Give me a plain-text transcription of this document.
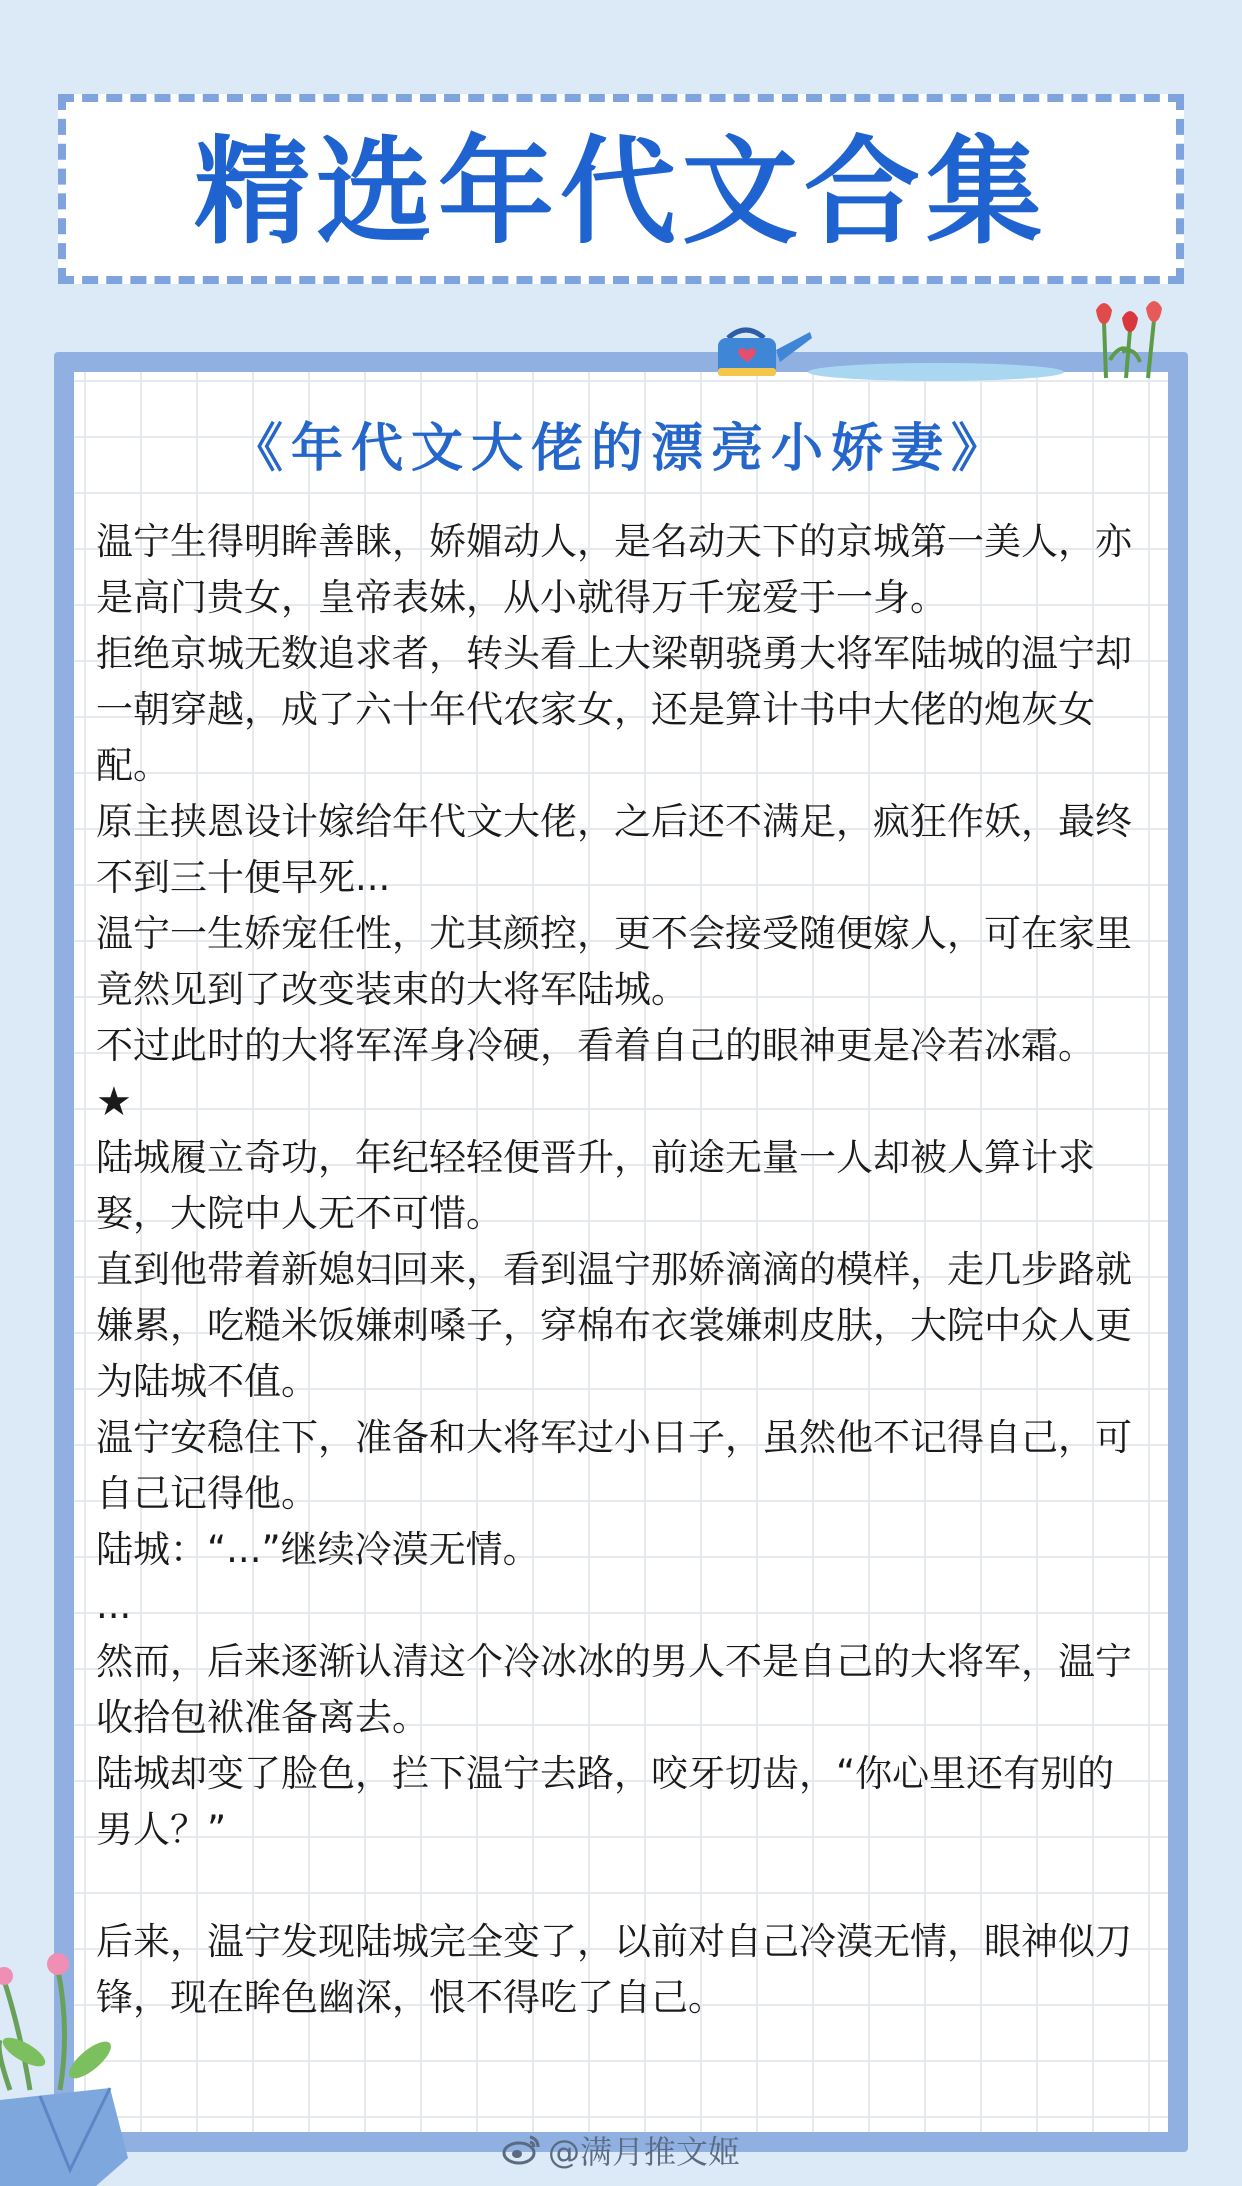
精选年代文合集
《年代文大佬的漂亮小娇妻》

温宁生得明眸善睐，娇媚动人，是名动天下的京城第一美人，亦是高门贵女，皇帝表妹，从小就得万千宠爱于一身。

拒绝京城无数追求者，转头看上大梁朝骁勇大将军陆城的温宁却一朝穿越，成了六十年代农家女，还是算计书中大佬的炮灰女配。

原主挟恩设计嫁给年代文大佬，之后还不满足，疯狂作妖，最终不到三十便早死...

温宁一生娇宠任性，尤其颜控，更不会接受随便嫁人，可在家里竟然见到了改变装束的大将军陆城。

不过此时的大将军浑身冷硬，看着自己的眼神更是冷若冰霜。

★

陆城履立奇功，年纪轻轻便晋升，前途无量一人却被人算计求娶，大院中人无不可惜。

直到他带着新媳妇回来，看到温宁那娇滴滴的模样，走几步路就嫌累，吃糙米饭嫌刺嗓子，穿棉布衣裳嫌刺皮肤，大院中众人更为陆城不值。

温宁安稳住下，准备和大将军过小日子，虽然他不记得自己，可自己记得他。

陆城：“...”继续冷漠无情。

...

然而，后来逐渐认清这个冷冰冰的男人不是自己的大将军，温宁收拾包袱准备离去。

陆城却变了脸色，拦下温宁去路，咬牙切齿，“你心里还有别的男人？”

后来，温宁发现陆城完全变了，以前对自己冷漠无情，眼神似刀锋，现在眸色幽深，恨不得吃了自己。

@满月推文姬
